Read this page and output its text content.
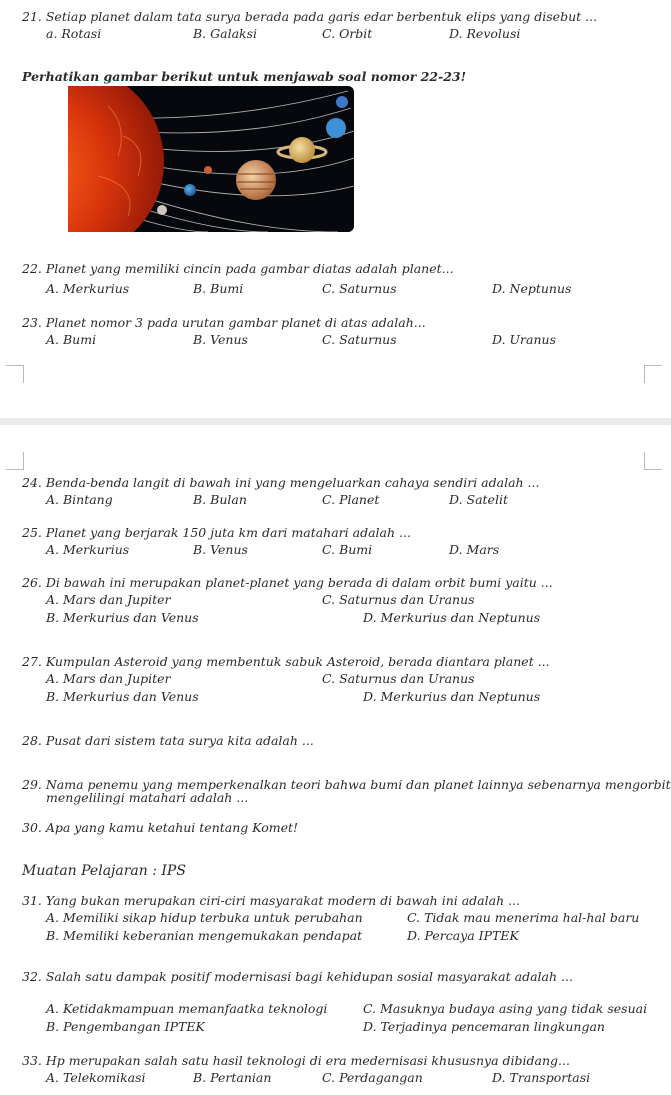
21. Setiap planet dalam tata surya berada pada garis edar berbentuk elips yang disebut ...
a. Rotasi	B. Galaksi	C. Orbit	D. Revolusi
Perhatikan gambar berikut untuk menjawab soal nomor 22-23!
22. Planet yang memiliki cincin pada gambar diatas adalah planet...
A. Merkurius	B. Bumi	C. Saturnus	D. Neptunus
23. Planet nomor 3 pada urutan gambar planet di atas adalah...
A. Bumi	B. Venus	C. Saturnus	D. Uranus
24. Benda-benda langit di bawah ini yang mengeluarkan cahaya sendiri adalah ...
A. Bintang	B. Bulan	C. Planet	D. Satelit
25. Planet yang berjarak 150 juta km dari matahari adalah ...
A. Merkurius	B. Venus	C. Bumi	D. Mars
26. Di bawah ini merupakan planet-planet yang berada di dalam orbit bumi yaitu ...
A. Mars dan Jupiter	C. Saturnus dan Uranus
B. Merkurius dan Venus	D. Merkurius dan Neptunus
27. Kumpulan Asteroid yang membentuk sabuk Asteroid, berada diantara planet ...
A. Mars dan Jupiter	C. Saturnus dan Uranus
B. Merkurius dan Venus	D. Merkurius dan Neptunus
28. Pusat dari sistem tata surya kita adalah ...
29. Nama penemu yang memperkenalkan teori bahwa bumi dan planet lainnya sebenarnya mengorbit
mengelilingi matahari adalah ...
30. Apa yang kamu ketahui tentang Komet!
Muatan Pelajaran : IPS
31. Yang bukan merupakan ciri-ciri masyarakat modern di bawah ini adalah ...
A. Memiliki sikap hidup terbuka untuk perubahan	C. Tidak mau menerima hal-hal baru
B. Memiliki keberanian mengemukakan pendapat	D. Percaya IPTEK
32. Salah satu dampak positif modernisasi bagi kehidupan sosial masyarakat adalah ...
A. Ketidakmampuan memanfaatka teknologi	C. Masuknya budaya asing yang tidak sesuai
B. Pengembangan IPTEK	D. Terjadinya pencemaran lingkungan
33. Hp merupakan salah satu hasil teknologi di era medernisasi khususnya dibidang...
A. Telekomikasi	B. Pertanian	C. Perdagangan	D. Transportasi
